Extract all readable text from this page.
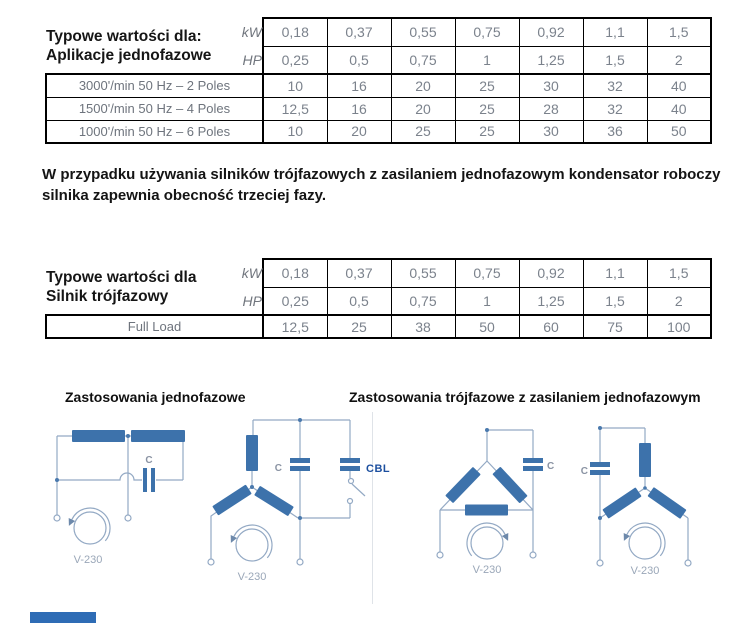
Typowe wartości dla:
Aplikacje jednofazowe	kW	0,18	0,37	0,55	0,75	0,92	1,1	1,5
	HP	0,25	0,5	0,75	1	1,25	1,5	2
3000'/min 50 Hz – 2 Poles		10	16	20	25	30	32	40
1500'/min 50 Hz – 4 Poles		12,5	16	20	25	28	32	40
1000'/min 50 Hz – 6 Poles		10	20	25	25	30	36	50

W przypadku używania silników trójfazowych z zasilaniem jednofazowym kondensator roboczy silnika zapewnia obecność trzeciej fazy.

Typowe wartości dla
Silnik trójfazowy	kW	0,18	0,37	0,55	0,75	0,92	1,1	1,5
	HP	0,25	0,5	0,75	1	1,25	1,5	2
Full Load		12,5	25	38	50	60	75	100
Zastosowania jednofazowe	Zastosowania trójfazowe z zasilaniem jednofazowym
C
V-230
C	CBL
V-230
C
V-230
C
V-230
